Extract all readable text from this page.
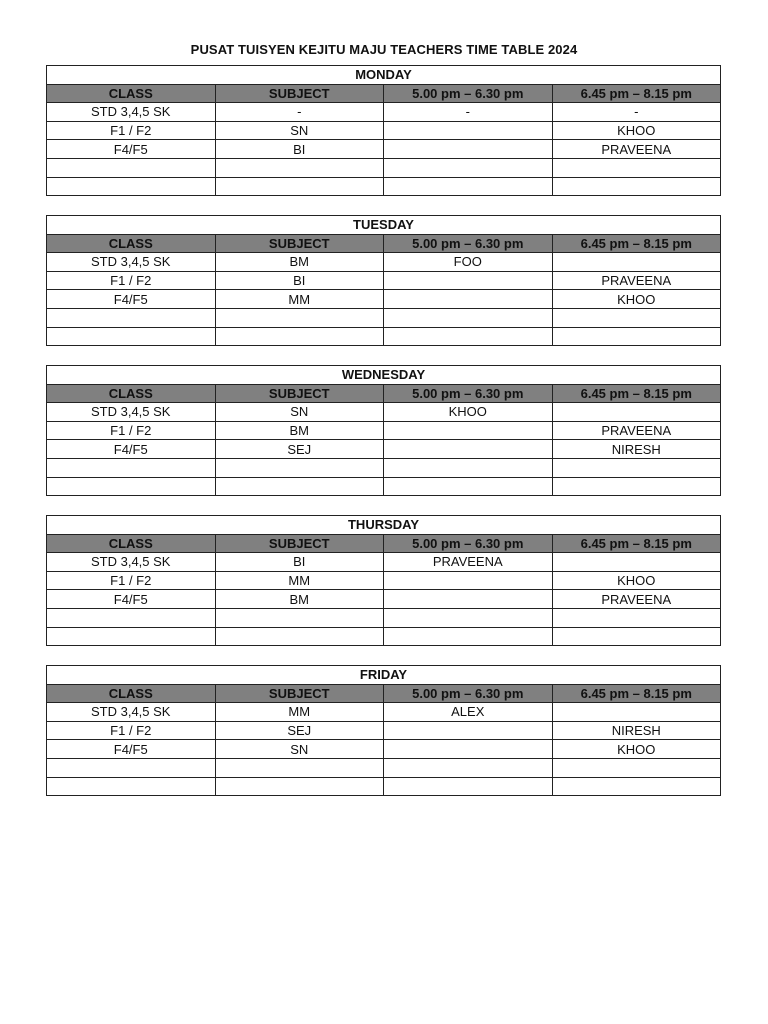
PUSAT TUISYEN KEJITU MAJU TEACHERS TIME TABLE 2024
MONDAY			
CLASS	SUBJECT	5.00 pm – 6.30 pm	6.45 pm – 8.15 pm
STD 3,4,5 SK	-	-	-
F1 / F2	SN		KHOO
F4/F5	BI		PRAVEENA

TUESDAY			
CLASS	SUBJECT	5.00 pm – 6.30 pm	6.45 pm – 8.15 pm
STD 3,4,5 SK	BM	FOO	
F1 / F2	BI		PRAVEENA
F4/F5	MM		KHOO

WEDNESDAY			
CLASS	SUBJECT	5.00 pm – 6.30 pm	6.45 pm – 8.15 pm
STD 3,4,5 SK	SN	KHOO	
F1 / F2	BM		PRAVEENA
F4/F5	SEJ		NIRESH

THURSDAY			
CLASS	SUBJECT	5.00 pm – 6.30 pm	6.45 pm – 8.15 pm
STD 3,4,5 SK	BI	PRAVEENA	
F1 / F2	MM		KHOO
F4/F5	BM		PRAVEENA

FRIDAY			
CLASS	SUBJECT	5.00 pm – 6.30 pm	6.45 pm – 8.15 pm
STD 3,4,5 SK	MM	ALEX	
F1 / F2	SEJ		NIRESH
F4/F5	SN		KHOO
